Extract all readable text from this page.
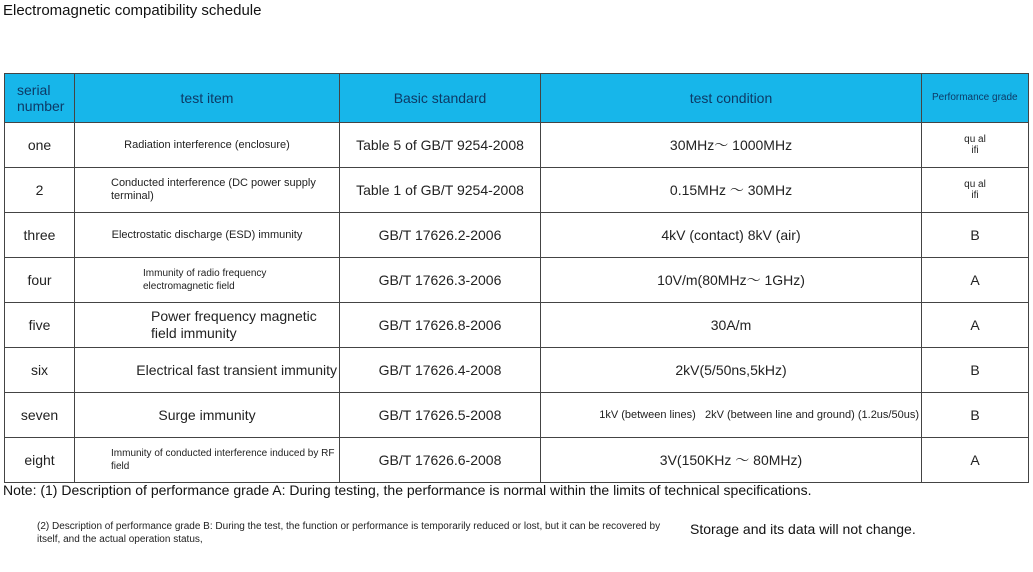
Electromagnetic compatibility schedule
serial number	test item	Basic standard	test condition	Performance grade
one	Radiation interference (enclosure)	Table 5 of GB/T 9254-2008	30MHz～ 1000MHz	qu alifi

2	Conducted interference (DC power supply terminal)	Table 1 of GB/T 9254-2008	0.15MHz ～ 30MHz	qu alifi

three	Electrostatic discharge (ESD) immunity	GB/T 17626.2-2006	4kV (contact) 8kV (air)	B
four	Immunity of radio frequency electromagnetic field	GB/T 17626.3-2006	10V/m(80MHz～ 1GHz)	A
five	Power frequency magnetic field immunity	GB/T 17626.8-2006	30A/m	A
six	Electrical fast transient immunity	GB/T 17626.4-2008	2kV(5/50ns,5kHz)	B
seven	Surge immunity	GB/T 17626.5-2008	1kV (between lines)   2kV (between line and ground) (1.2us/50us)	B
eight	Immunity of conducted interference induced by RF field	GB/T 17626.6-2008	3V(150KHz ～ 80MHz)	A
Note: (1) Description of performance grade A: During testing, the performance is normal within the limits of technical specifications.
(2) Description of performance grade B: During the test, the function or performance is temporarily reduced or lost, but it can be recovered by itself, and the actual operation status,
Storage and its data will not change.
